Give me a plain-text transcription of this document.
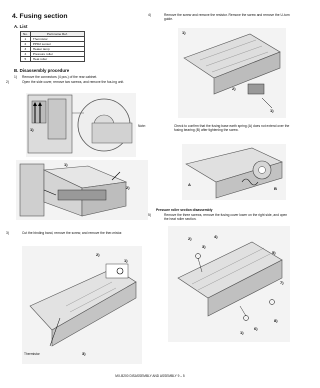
4. Fusing section
A. List
No.	Part name Ref.
1	Thermistor
2	PPD2 sensor
3	Heater lamp
4	Pressure roller
5	Heat roller
B. Disassembly procedure
1) Remove the connectors (4 pcs.) of the rear cabinet.
2)	Open the side cover, remove two screws, and remove the fus-ing unit.
1)
1)
2)
3)	Cut the binding band, remove the screw, and remove the ther-mistor.
2)
1)
3)
Thermistor
4)	Remove the screw and remove the resistor. Remove the screw and remove the U-turn guide.
1)
2)
1)
Note:	Check to confirm that the fusing base earth spring (A) does not extend over the fusing bearing (B) after tightening the screw.
A
B
Pressure roller section disassembly
5)	Remove the three screws, remove the fusing cover lower on the right side, and open the heat roller section.
2)	4)
3)
5)
7)
6)
8)
1)
MX-B200 DISASSEMBLY AND ASSEMBLY 9 – 5
